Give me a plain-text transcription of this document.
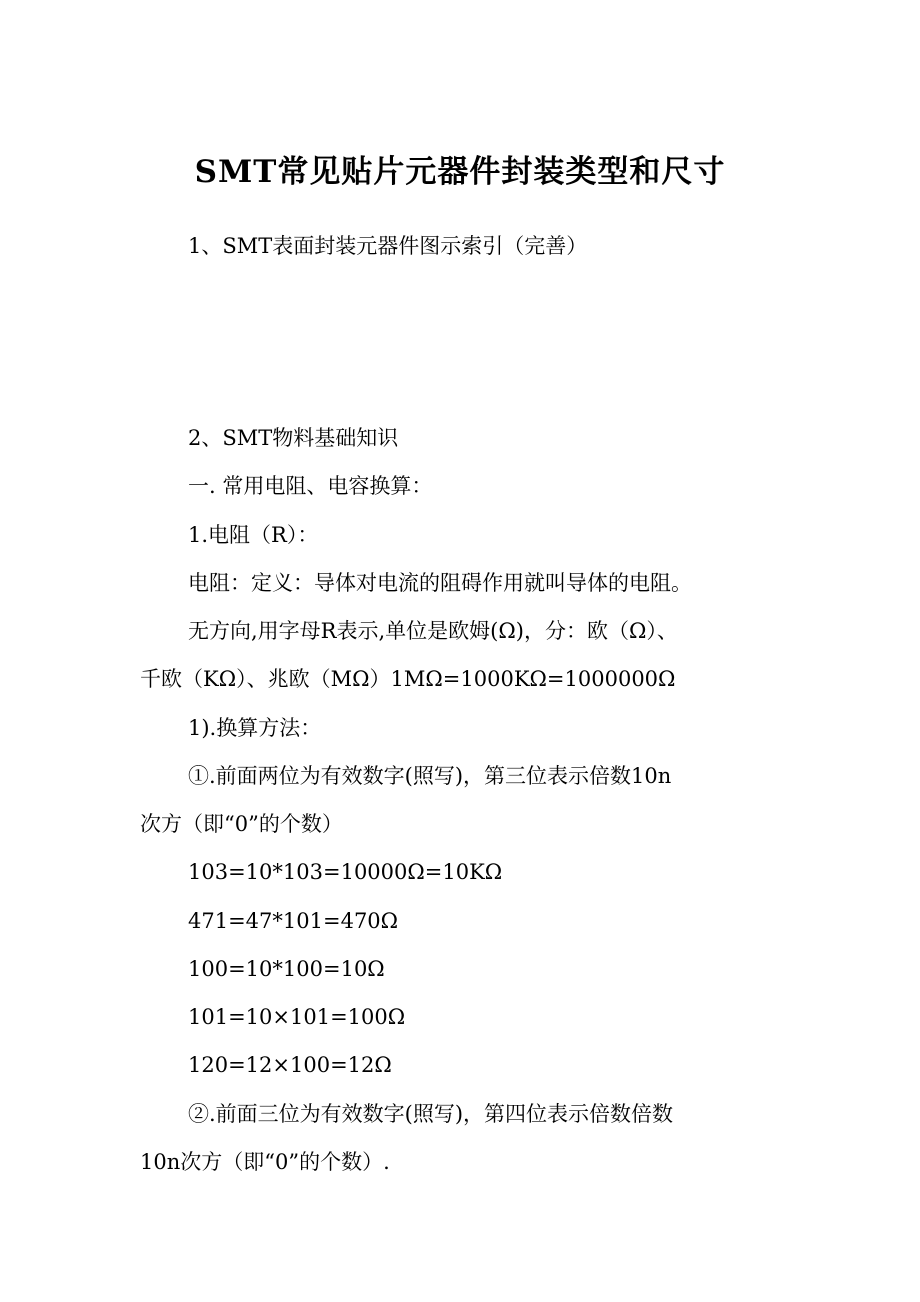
SMT常见贴片元器件封装类型和尺寸
1、SMT表面封装元器件图示索引（完善）
2、SMT物料基础知识
一. 常用电阻、电容换算：
1.电阻（R）：
电阻：定义：导体对电流的阻碍作用就叫导体的电阻。
无方向,用字母R表示,单位是欧姆(Ω)，分：欧（Ω）、
千欧（KΩ）、兆欧（MΩ）1MΩ=1000KΩ=1000000Ω
1).换算方法：
①.前面两位为有效数字(照写)，第三位表示倍数10n
次方（即“0”的个数）
103=10*103=10000Ω=10KΩ
471=47*101=470Ω
100=10*100=10Ω
101=10×101=100Ω
120=12×100=12Ω
②.前面三位为有效数字(照写)，第四位表示倍数倍数
10n次方（即“0”的个数）.
